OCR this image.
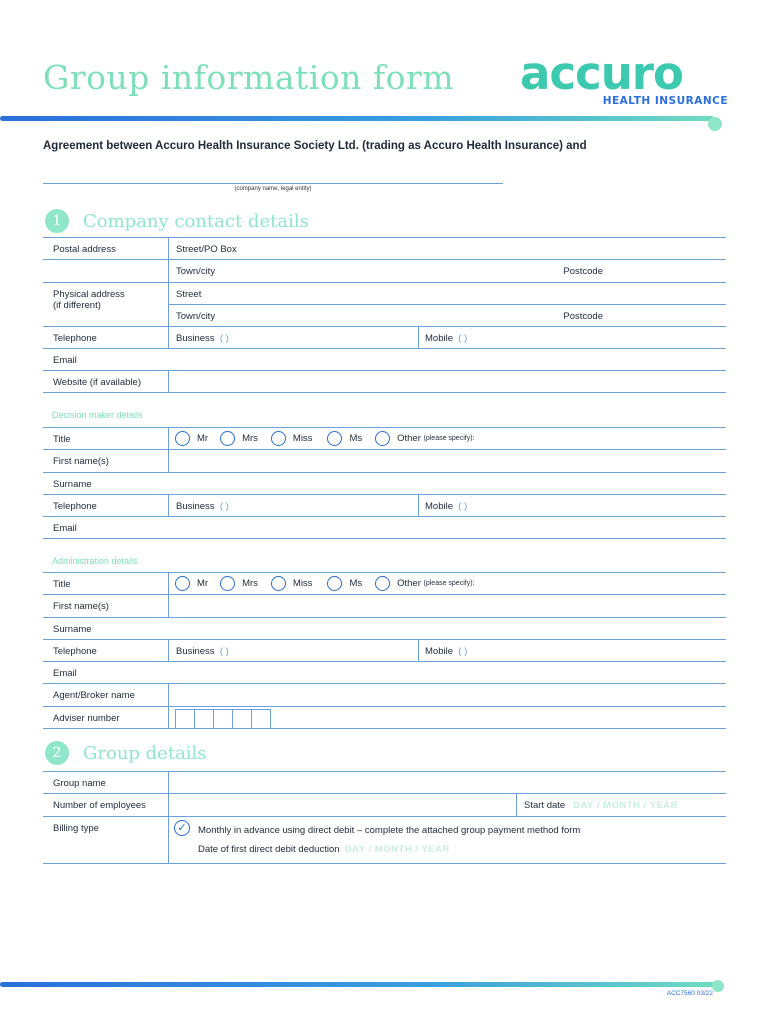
Group information form accuro
HEALTH INSURANCE
Agreement between Accuro Health Insurance Society Ltd. (trading as Accuro Health Insurance) and
(company name, legal entity)
1	Company contact details
Postal address	Street/PO Box
Town/city	Postcode
Physical address
(if different)
Street
Town/city	Postcode
Telephone	Business ( )	Mobile ( )
Email
Website (if available)
Decision maker details
Title	Mr	Mrs	Miss	Ms	Other
(please specify):
First name(s)
Surname
Telephone	Business ( )	Mobile ( )
Email
Administration details
Title	Mr	Mrs	Miss	Ms	Other
(please specify):
First name(s)
Surname
Telephone	Business ( )	Mobile ( )
Email
Agent/Broker name
Adviser number
2	Group details
Group name
Number of employees	Start date DAY / MONTH / YEAR
Billing type	✓	Monthly in advance using direct debit – complete the attached group payment method form
Date of first direct debit deduction DAY / MONTH / YEAR
ACC7560 03/22
